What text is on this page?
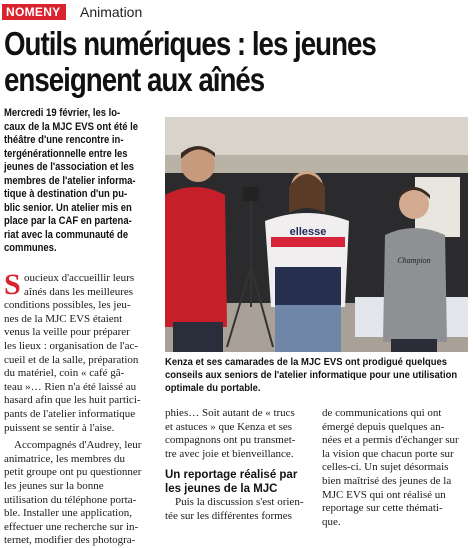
NOMENY	Animation
Outils numériques : les jeunes
enseignent aux aînés
Mercredi 19 février, les lo-
caux de la MJC EVS ont été le
théâtre d'une rencontre in-
tergénérationnelle entre les
jeunes de l'association et les
membres de l'atelier informa-
tique à destination d'un pu-
blic senior. Un atelier mis en
place par la CAF en partena-
riat avec la communauté de
communes.
S oucieux d'accueillir leurs
aînés dans les meilleures
conditions possibles, les jeu-
nes de la MJC EVS étaient
venus la veille pour préparer
les lieux : organisation de l'ac-
cueil et de la salle, préparation
du matériel, coin « café gâ-
teau »… Rien n'a été laissé au
hasard afin que les huit partici-
pants de l'atelier informatique
puissent se sentir à l'aise.
Accompagnés d'Audrey, leur
animatrice, les membres du
petit groupe ont pu questionner
les jeunes sur la bonne
utilisation du téléphone porta-
ble. Installer une application,
effectuer une recherche sur in-
ternet, modifier des photogra-
ellesse
Champion
Kenza et ses camarades de la MJC EVS ont prodigué quelques
conseils aux seniors de l'atelier informatique pour une utilisation
optimale du portable.
phies… Soit autant de « trucs
et astuces » que Kenza et ses
compagnons ont pu transmet-
tre avec joie et bienveillance.
Un reportage réalisé par
les jeunes de la MJC
Puis la discussion s'est orien-
tée sur les différentes formes
de communications qui ont
émergé depuis quelques an-
nées et a permis d'échanger sur
la vision que chacun porte sur
celles-ci. Un sujet désormais
bien maîtrisé des jeunes de la
MJC EVS qui ont réalisé un
reportage sur cette thémati-
que.
